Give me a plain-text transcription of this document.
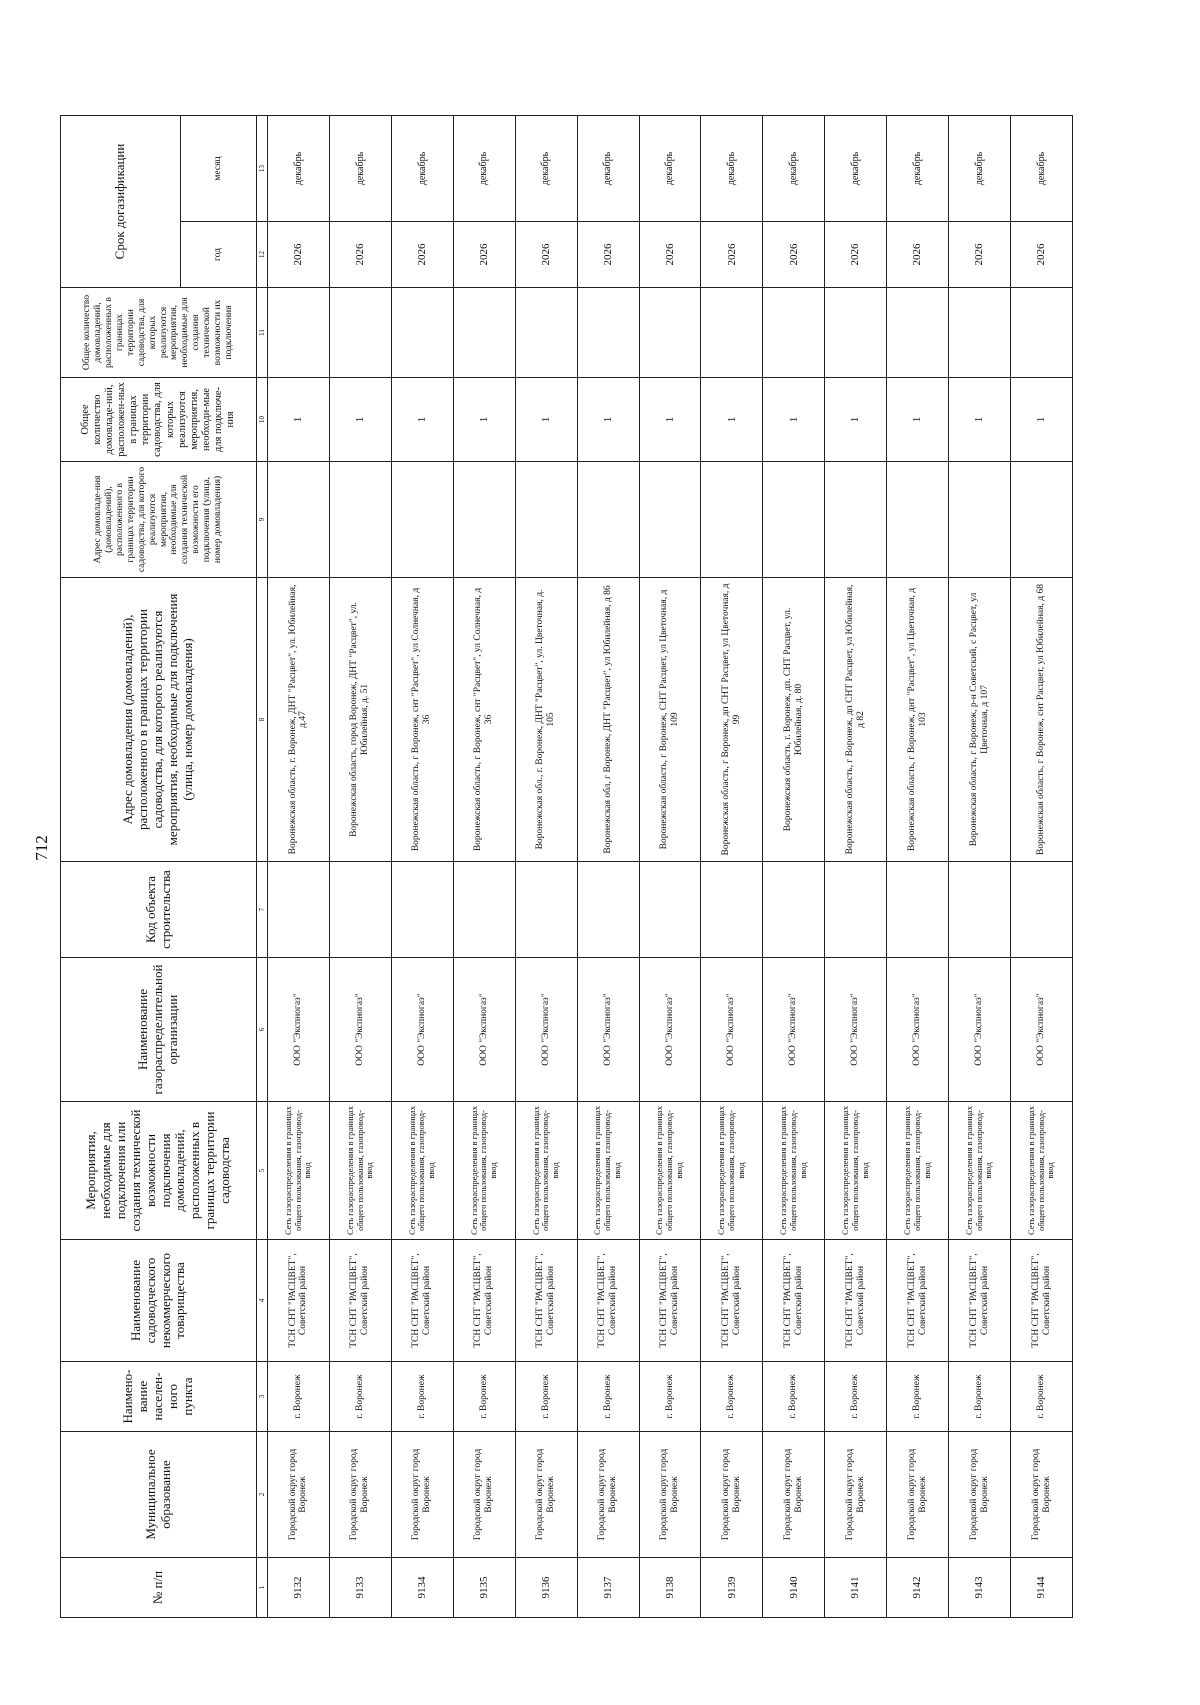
712
№ п/п	Муниципальное образование	Наимено-вание населен-ного пункта	Наименование садоводческого некоммерческого товарищества	Мероприятия, необходимые для подключения или создания технической возможности подключения домовладений, расположенных в границах территории садоводства	Наименование газораспределительной организации	Код объекта строительства	Адрес домовладения (домовладений), расположенного в границах территории садоводства, для которого реализуются мероприятия, необходимые для подключения (улица, номер домовладения)	Адрес домовладе-ния (домовладений), расположенного в границах территории садоводства, для которого реализуются мероприятия, необходимые для создания технической возможности его подключения (улица, номер домовладения)	Общее количество домовладе-ний, расположен-ных в границах территории садоводства, для которых реализуются мероприятия, необходи-мые для подключе-ния	Общее количество домовладений, расположенных в границах территории садоводства, для которых реализуются мероприятия, необходимые для создания технической возможности их подключения	Срок догазификации	
											год	месяц
1	2	3	4	5	6	7	8	9	10	11	12	13
9132	Городской округ город Воронеж	г. Воронеж	ТСН СНТ "РАСЦВЕТ", Советский район	Сеть газораспределения в границах общего пользования, газопровод-ввод	ООО "Экспногаз"		Воронежская область, г. Воронеж, ДНТ "Расцвет", ул. Юбилейная, д.47		1		2026	декабрь
9133	Городской округ город Воронеж	г. Воронеж	ТСН СНТ "РАСЦВЕТ", Советский район	Сеть газораспределения в границах общего пользования, газопровод-ввод	ООО "Экспногаз"		Воронежская область, город Воронеж, ДНТ "Расцвет", ул. Юбилейная, д. 51		1		2026	декабрь
9134	Городской округ город Воронеж	г. Воронеж	ТСН СНТ "РАСЦВЕТ", Советский район	Сеть газораспределения в границах общего пользования, газопровод-ввод	ООО "Экспногаз"		Воронежская область, г Воронеж, снт "Расцвет", ул Солнечная, д 36		1		2026	декабрь
9135	Городской округ город Воронеж	г. Воронеж	ТСН СНТ "РАСЦВЕТ", Советский район	Сеть газораспределения в границах общего пользования, газопровод-ввод	ООО "Экспногаз"		Воронежская область, г Воронеж, снт "Расцвет", ул Солнечная, д 36		1		2026	декабрь
9136	Городской округ город Воронеж	г. Воронеж	ТСН СНТ "РАСЦВЕТ", Советский район	Сеть газораспределения в границах общего пользования, газопровод-ввод	ООО "Экспногаз"		Воронежская обл., г. Воронеж, ДНТ "Расцвет", ул. Цветочная, д. 105		1		2026	декабрь
9137	Городской округ город Воронеж	г. Воронеж	ТСН СНТ "РАСЦВЕТ", Советский район	Сеть газораспределения в границах общего пользования, газопровод-ввод	ООО "Экспногаз"		Воронежская обл, г Воронеж, ДНТ "Расцвет", ул Юбилейная, д 86		1		2026	декабрь
9138	Городской округ город Воронеж	г. Воронеж	ТСН СНТ "РАСЦВЕТ", Советский район	Сеть газораспределения в границах общего пользования, газопровод-ввод	ООО "Экспногаз"		Воронежская область, г Воронеж, СНТ Расцвет, ул Цветочная, д 109		1		2026	декабрь
9139	Городской округ город Воронеж	г. Воронеж	ТСН СНТ "РАСЦВЕТ", Советский район	Сеть газораспределения в границах общего пользования, газопровод-ввод	ООО "Экспногаз"		Воронежская область, г Воронеж, дп СНТ Расцвет, ул Цветочная, д 99		1		2026	декабрь
9140	Городской округ город Воронеж	г. Воронеж	ТСН СНТ "РАСЦВЕТ", Советский район	Сеть газораспределения в границах общего пользования, газопровод-ввод	ООО "Экспногаз"		Воронежская область, г. Воронеж, дп. СНТ Расцвет, ул. Юбилейная, д. 80		1		2026	декабрь
9141	Городской округ город Воронеж	г. Воронеж	ТСН СНТ "РАСЦВЕТ", Советский район	Сеть газораспределения в границах общего пользования, газопровод-ввод	ООО "Экспногаз"		Воронежская область, г Воронеж, дп СНТ Расцвет, ул Юбилейная, д 82		1		2026	декабрь
9142	Городской округ город Воронеж	г. Воронеж	ТСН СНТ "РАСЦВЕТ", Советский район	Сеть газораспределения в границах общего пользования, газопровод-ввод	ООО "Экспногаз"		Воронежская область, г Воронеж, днт "Расцвет", ул Цветочная, д 103		1		2026	декабрь
9143	Городской округ город Воронеж	г. Воронеж	ТСН СНТ "РАСЦВЕТ", Советский район	Сеть газораспределения в границах общего пользования, газопровод-ввод	ООО "Экспногаз"		Воронежская область, г Воронеж, р-н Советский, с Расцвет, ул Цветочная, д 107		1		2026	декабрь
9144	Городской округ город Воронеж	г. Воронеж	ТСН СНТ "РАСЦВЕТ", Советский район	Сеть газораспределения в границах общего пользования, газопровод-ввод	ООО "Экспногаз"		Воронежская область, г Воронеж, снт Расцвет, ул Юбилейная, д 68		1		2026	декабрь
